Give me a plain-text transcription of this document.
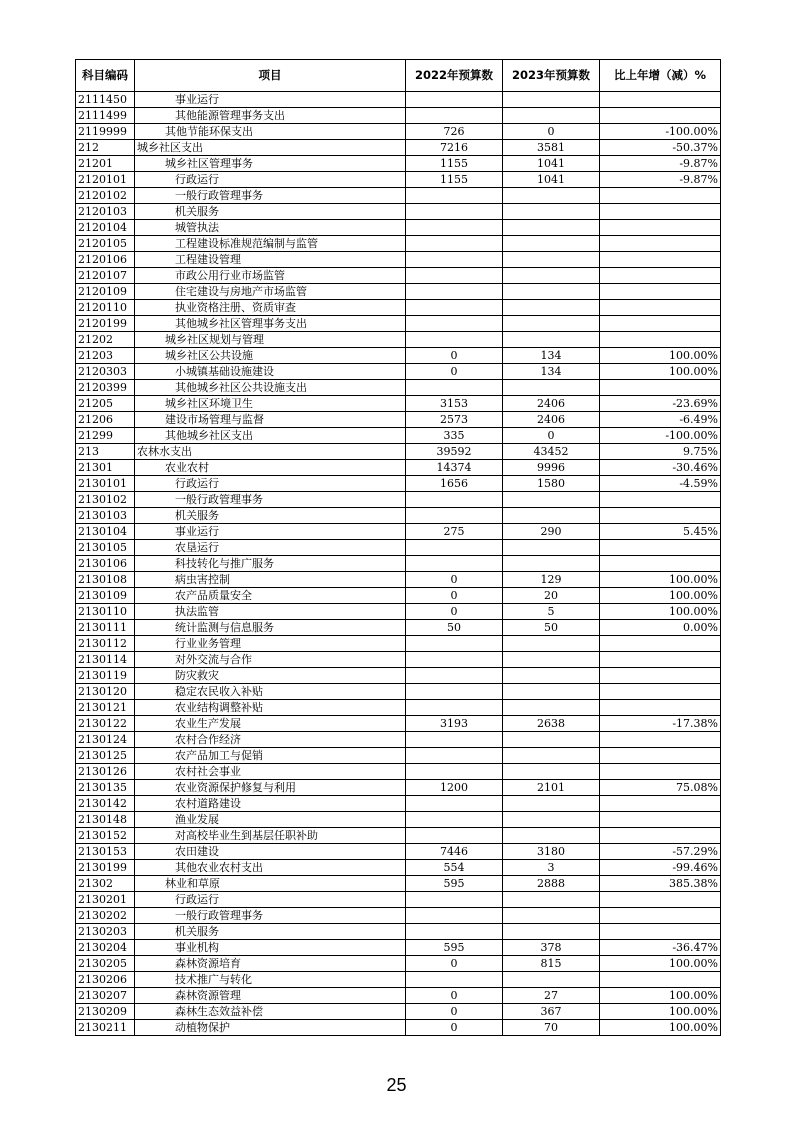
科目编码	项目	2022年预算数	2023年预算数	比上年增（减）%
2111450	事业运行			
2111499	其他能源管理事务支出			
2119999	其他节能环保支出	726	0	-100.00%
212	城乡社区支出	7216	3581	-50.37%
21201	城乡社区管理事务	1155	1041	-9.87%
2120101	行政运行	1155	1041	-9.87%
2120102	一般行政管理事务			
2120103	机关服务			
2120104	城管执法			
2120105	工程建设标准规范编制与监管			
2120106	工程建设管理			
2120107	市政公用行业市场监管			
2120109	住宅建设与房地产市场监管			
2120110	执业资格注册、资质审查			
2120199	其他城乡社区管理事务支出			
21202	城乡社区规划与管理			
21203	城乡社区公共设施	0	134	100.00%
2120303	小城镇基础设施建设	0	134	100.00%
2120399	其他城乡社区公共设施支出			
21205	城乡社区环境卫生	3153	2406	-23.69%
21206	建设市场管理与监督	2573	2406	-6.49%
21299	其他城乡社区支出	335	0	-100.00%
213	农林水支出	39592	43452	9.75%
21301	农业农村	14374	9996	-30.46%
2130101	行政运行	1656	1580	-4.59%
2130102	一般行政管理事务			
2130103	机关服务			
2130104	事业运行	275	290	5.45%
2130105	农垦运行			
2130106	科技转化与推广服务			
2130108	病虫害控制	0	129	100.00%
2130109	农产品质量安全	0	20	100.00%
2130110	执法监管	0	5	100.00%
2130111	统计监测与信息服务	50	50	0.00%
2130112	行业业务管理			
2130114	对外交流与合作			
2130119	防灾救灾			
2130120	稳定农民收入补贴			
2130121	农业结构调整补贴			
2130122	农业生产发展	3193	2638	-17.38%
2130124	农村合作经济			
2130125	农产品加工与促销			
2130126	农村社会事业			
2130135	农业资源保护修复与利用	1200	2101	75.08%
2130142	农村道路建设			
2130148	渔业发展			
2130152	对高校毕业生到基层任职补助			
2130153	农田建设	7446	3180	-57.29%
2130199	其他农业农村支出	554	3	-99.46%
21302	林业和草原	595	2888	385.38%
2130201	行政运行			
2130202	一般行政管理事务			
2130203	机关服务			
2130204	事业机构	595	378	-36.47%
2130205	森林资源培育	0	815	100.00%
2130206	技术推广与转化			
2130207	森林资源管理	0	27	100.00%
2130209	森林生态效益补偿	0	367	100.00%
2130211	动植物保护	0	70	100.00%
25
